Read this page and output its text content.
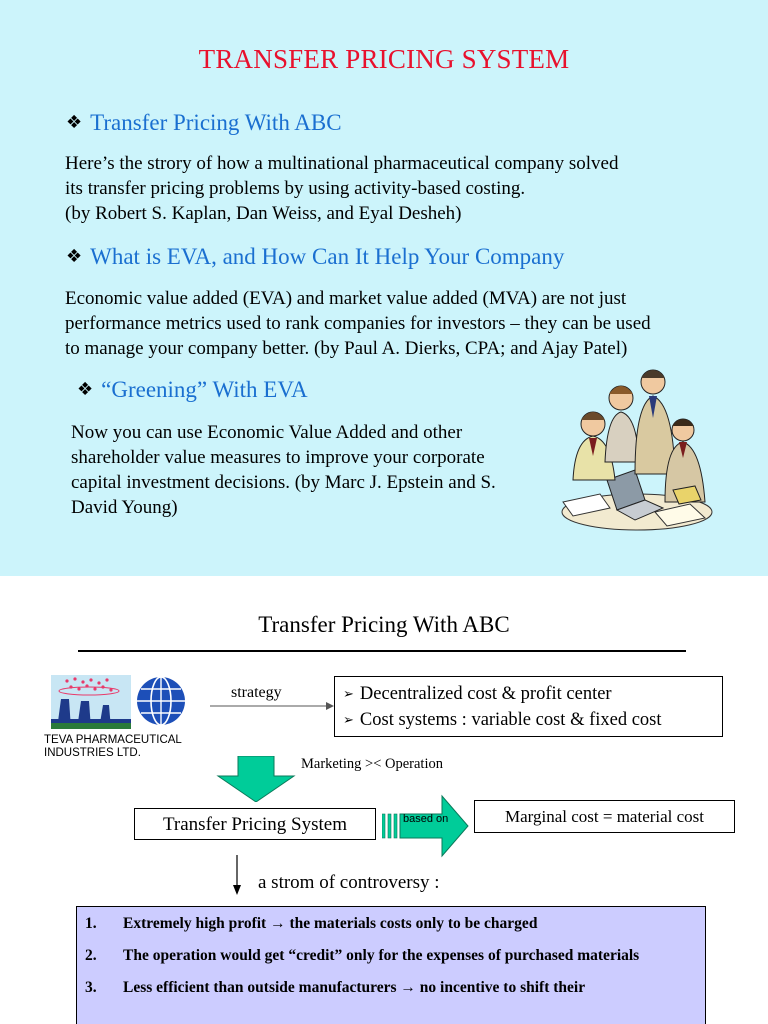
TRANSFER PRICING SYSTEM
❖ Transfer Pricing With ABC

Here’s the strory of how a multinational pharmaceutical company solved

its transfer pricing problems by using activity-based costing.

(by Robert S. Kaplan, Dan Weiss, and Eyal Desheh)

❖ What is EVA, and How Can It Help Your Company

Economic value added (EVA) and market value added (MVA) are not just

performance metrics used to rank companies for investors – they can be used

to manage your company better. (by Paul A. Dierks, CPA; and Ajay Patel)

❖ “Greening” With EVA

Now you can use Economic Value Added and other

shareholder value measures to improve your corporate

capital investment decisions. (by Marc J. Epstein and S.

David Young)

Transfer Pricing With ABC
TEVA PHARMACEUTICAL
INDUSTRIES LTD.
strategy	➢ Decentralized cost & profit center
➢ Cost systems : variable cost & fixed cost
Marketing >< Operation
Transfer Pricing System	based on	Marginal cost = material cost
a strom of controversy :
1.	Extremely high profit → the materials costs only to be charged
2.	The operation would get “credit” only for the expenses of purchased materials
3.	Less efficient than outside manufacturers → no incentive to shift their
